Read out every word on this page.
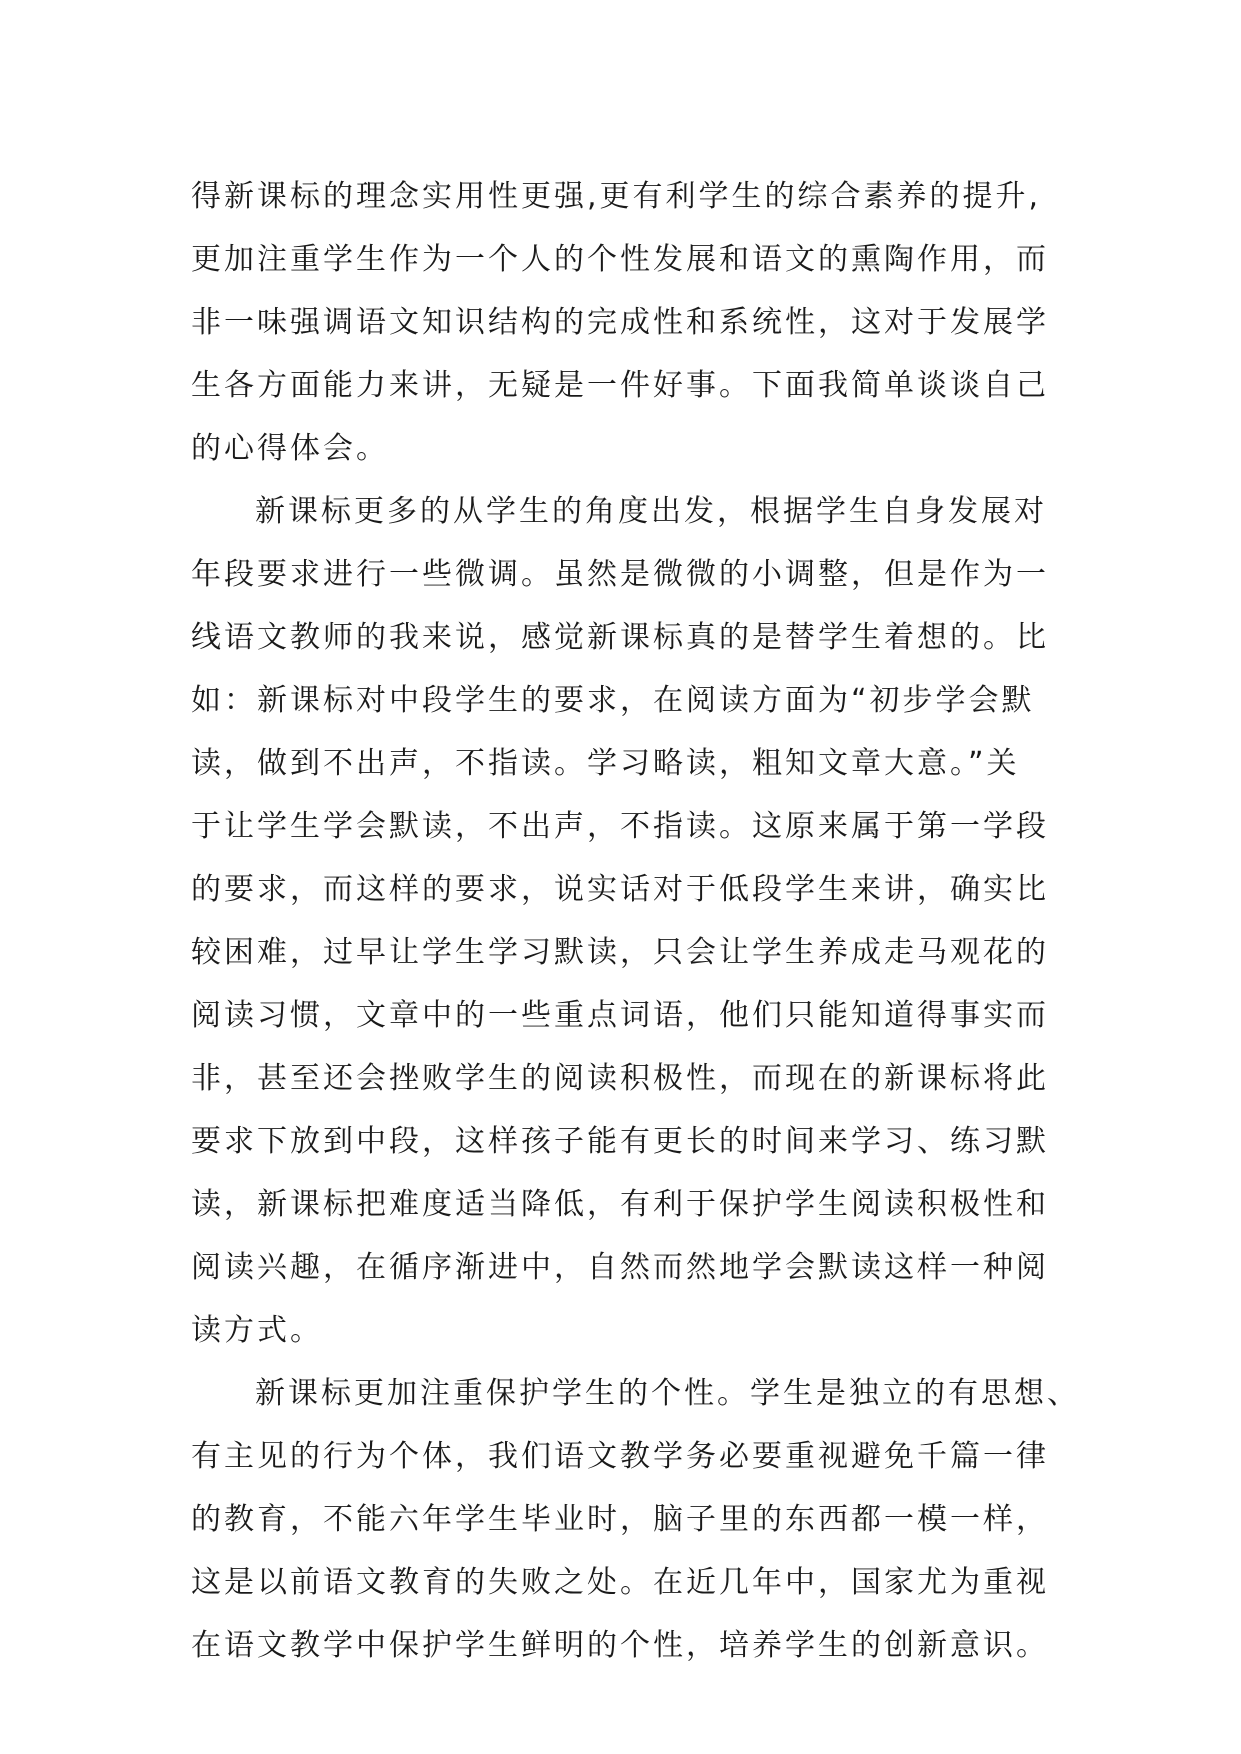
得新课标的理念实用性更强,更有利学生的综合素养的提升,
更加注重学生作为一个人的个性发展和语文的熏陶作用，而
非一味强调语文知识结构的完成性和系统性，这对于发展学
生各方面能力来讲，无疑是一件好事。下面我简单谈谈自己
的心得体会。
新课标更多的从学生的角度出发，根据学生自身发展对
年段要求进行一些微调。虽然是微微的小调整，但是作为一
线语文教师的我来说，感觉新课标真的是替学生着想的。比
如：新课标对中段学生的要求，在阅读方面为“初步学会默
读，做到不出声，不指读。学习略读，粗知文章大意。”关
于让学生学会默读，不出声，不指读。这原来属于第一学段
的要求，而这样的要求，说实话对于低段学生来讲，确实比
较困难，过早让学生学习默读，只会让学生养成走马观花的
阅读习惯，文章中的一些重点词语，他们只能知道得事实而
非，甚至还会挫败学生的阅读积极性，而现在的新课标将此
要求下放到中段，这样孩子能有更长的时间来学习、练习默
读，新课标把难度适当降低，有利于保护学生阅读积极性和
阅读兴趣，在循序渐进中，自然而然地学会默读这样一种阅
读方式。
新课标更加注重保护学生的个性。学生是独立的有思想、
有主见的行为个体，我们语文教学务必要重视避免千篇一律
的教育，不能六年学生毕业时，脑子里的东西都一模一样，
这是以前语文教育的失败之处。在近几年中，国家尤为重视
在语文教学中保护学生鲜明的个性，培养学生的创新意识。
